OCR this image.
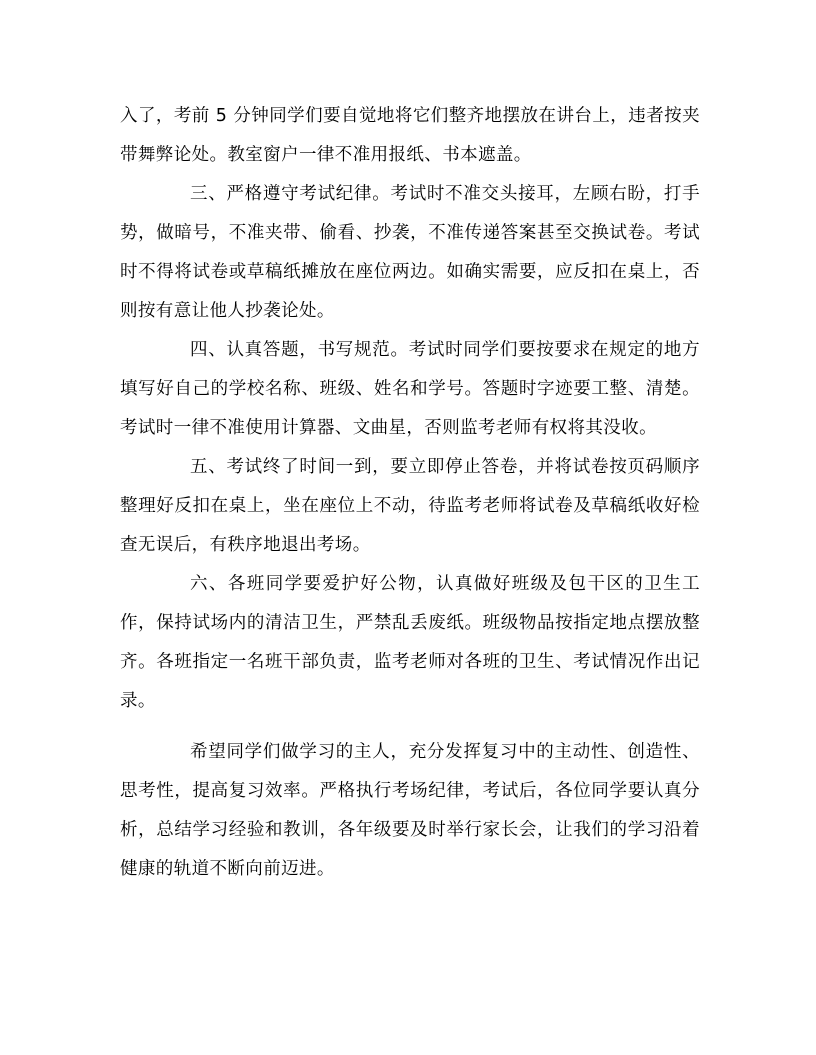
入了，考前 5 分钟同学们要自觉地将它们整齐地摆放在讲台上，违者按夹带舞弊论处。教室窗户一律不准用报纸、书本遮盖。

三、严格遵守考试纪律。考试时不准交头接耳，左顾右盼，打手势，做暗号，不准夹带、偷看、抄袭，不准传递答案甚至交换试卷。考试时不得将试卷或草稿纸摊放在座位两边。如确实需要，应反扣在桌上，否则按有意让他人抄袭论处。

四、认真答题，书写规范。考试时同学们要按要求在规定的地方填写好自己的学校名称、班级、姓名和学号。答题时字迹要工整、清楚。考试时一律不准使用计算器、文曲星，否则监考老师有权将其没收。

五、考试终了时间一到，要立即停止答卷，并将试卷按页码顺序整理好反扣在桌上，坐在座位上不动，待监考老师将试卷及草稿纸收好检查无误后，有秩序地退出考场。

六、各班同学要爱护好公物，认真做好班级及包干区的卫生工作，保持试场内的清洁卫生，严禁乱丢废纸。班级物品按指定地点摆放整齐。各班指定一名班干部负责，监考老师对各班的卫生、考试情况作出记录。

希望同学们做学习的主人，充分发挥复习中的主动性、创造性、思考性，提高复习效率。严格执行考场纪律，考试后，各位同学要认真分析，总结学习经验和教训，各年级要及时举行家长会，让我们的学习沿着健康的轨道不断向前迈进。
